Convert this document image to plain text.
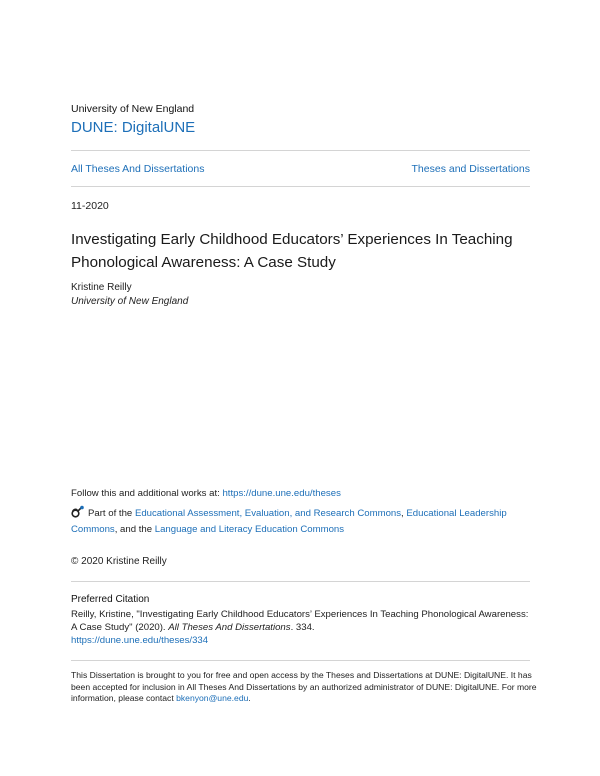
University of New England
DUNE: DigitalUNE
All Theses And Dissertations	Theses and Dissertations
11-2020
Investigating Early Childhood Educators’ Experiences In Teaching
Phonological Awareness: A Case Study
Kristine Reilly
University of New England
Follow this and additional works at: https://dune.une.edu/theses
Part of the Educational Assessment, Evaluation, and Research Commons, Educational Leadership Commons, and the Language and Literacy Education Commons
© 2020 Kristine Reilly
Preferred Citation
Reilly, Kristine, "Investigating Early Childhood Educators’ Experiences In Teaching Phonological Awareness: A Case Study" (2020). All Theses And Dissertations. 334.
https://dune.une.edu/theses/334
This Dissertation is brought to you for free and open access by the Theses and Dissertations at DUNE: DigitalUNE. It has been accepted for inclusion in All Theses And Dissertations by an authorized administrator of DUNE: DigitalUNE. For more information, please contact bkenyon@une.edu.
